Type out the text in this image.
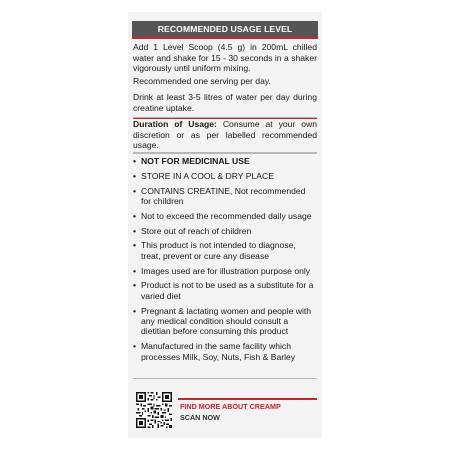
RECOMMENDED USAGE LEVEL
Add 1 Level Scoop (4.5 g) in 200mL chilled water and shake for 15 - 30 seconds in a shaker vigorously until uniform mixing.
Recommended one serving per day.
Drink at least 3-5 litres of water per day during creatine uptake.
Duration of Usage: Consume at your own discretion or as per labelled recommended usage.
• NOT FOR MEDICINAL USE
• STORE IN A COOL & DRY PLACE
• CONTAINS CREATINE, Not recommended for children
• Not to exceed the recommended daily usage
• Store out of reach of children
• This product is not intended to diagnose, treat, prevent or cure any disease
• Images used are for illustration purpose only
• Product is not to be used as a substitute for a varied diet
• Pregnant & lactating women and people with any medical condition should consult a dietitian before consuming this product
• Manufactured in the same facility which processes Milk, Soy, Nuts, Fish & Barley
FIND MORE ABOUT CREAMP
SCAN NOW
